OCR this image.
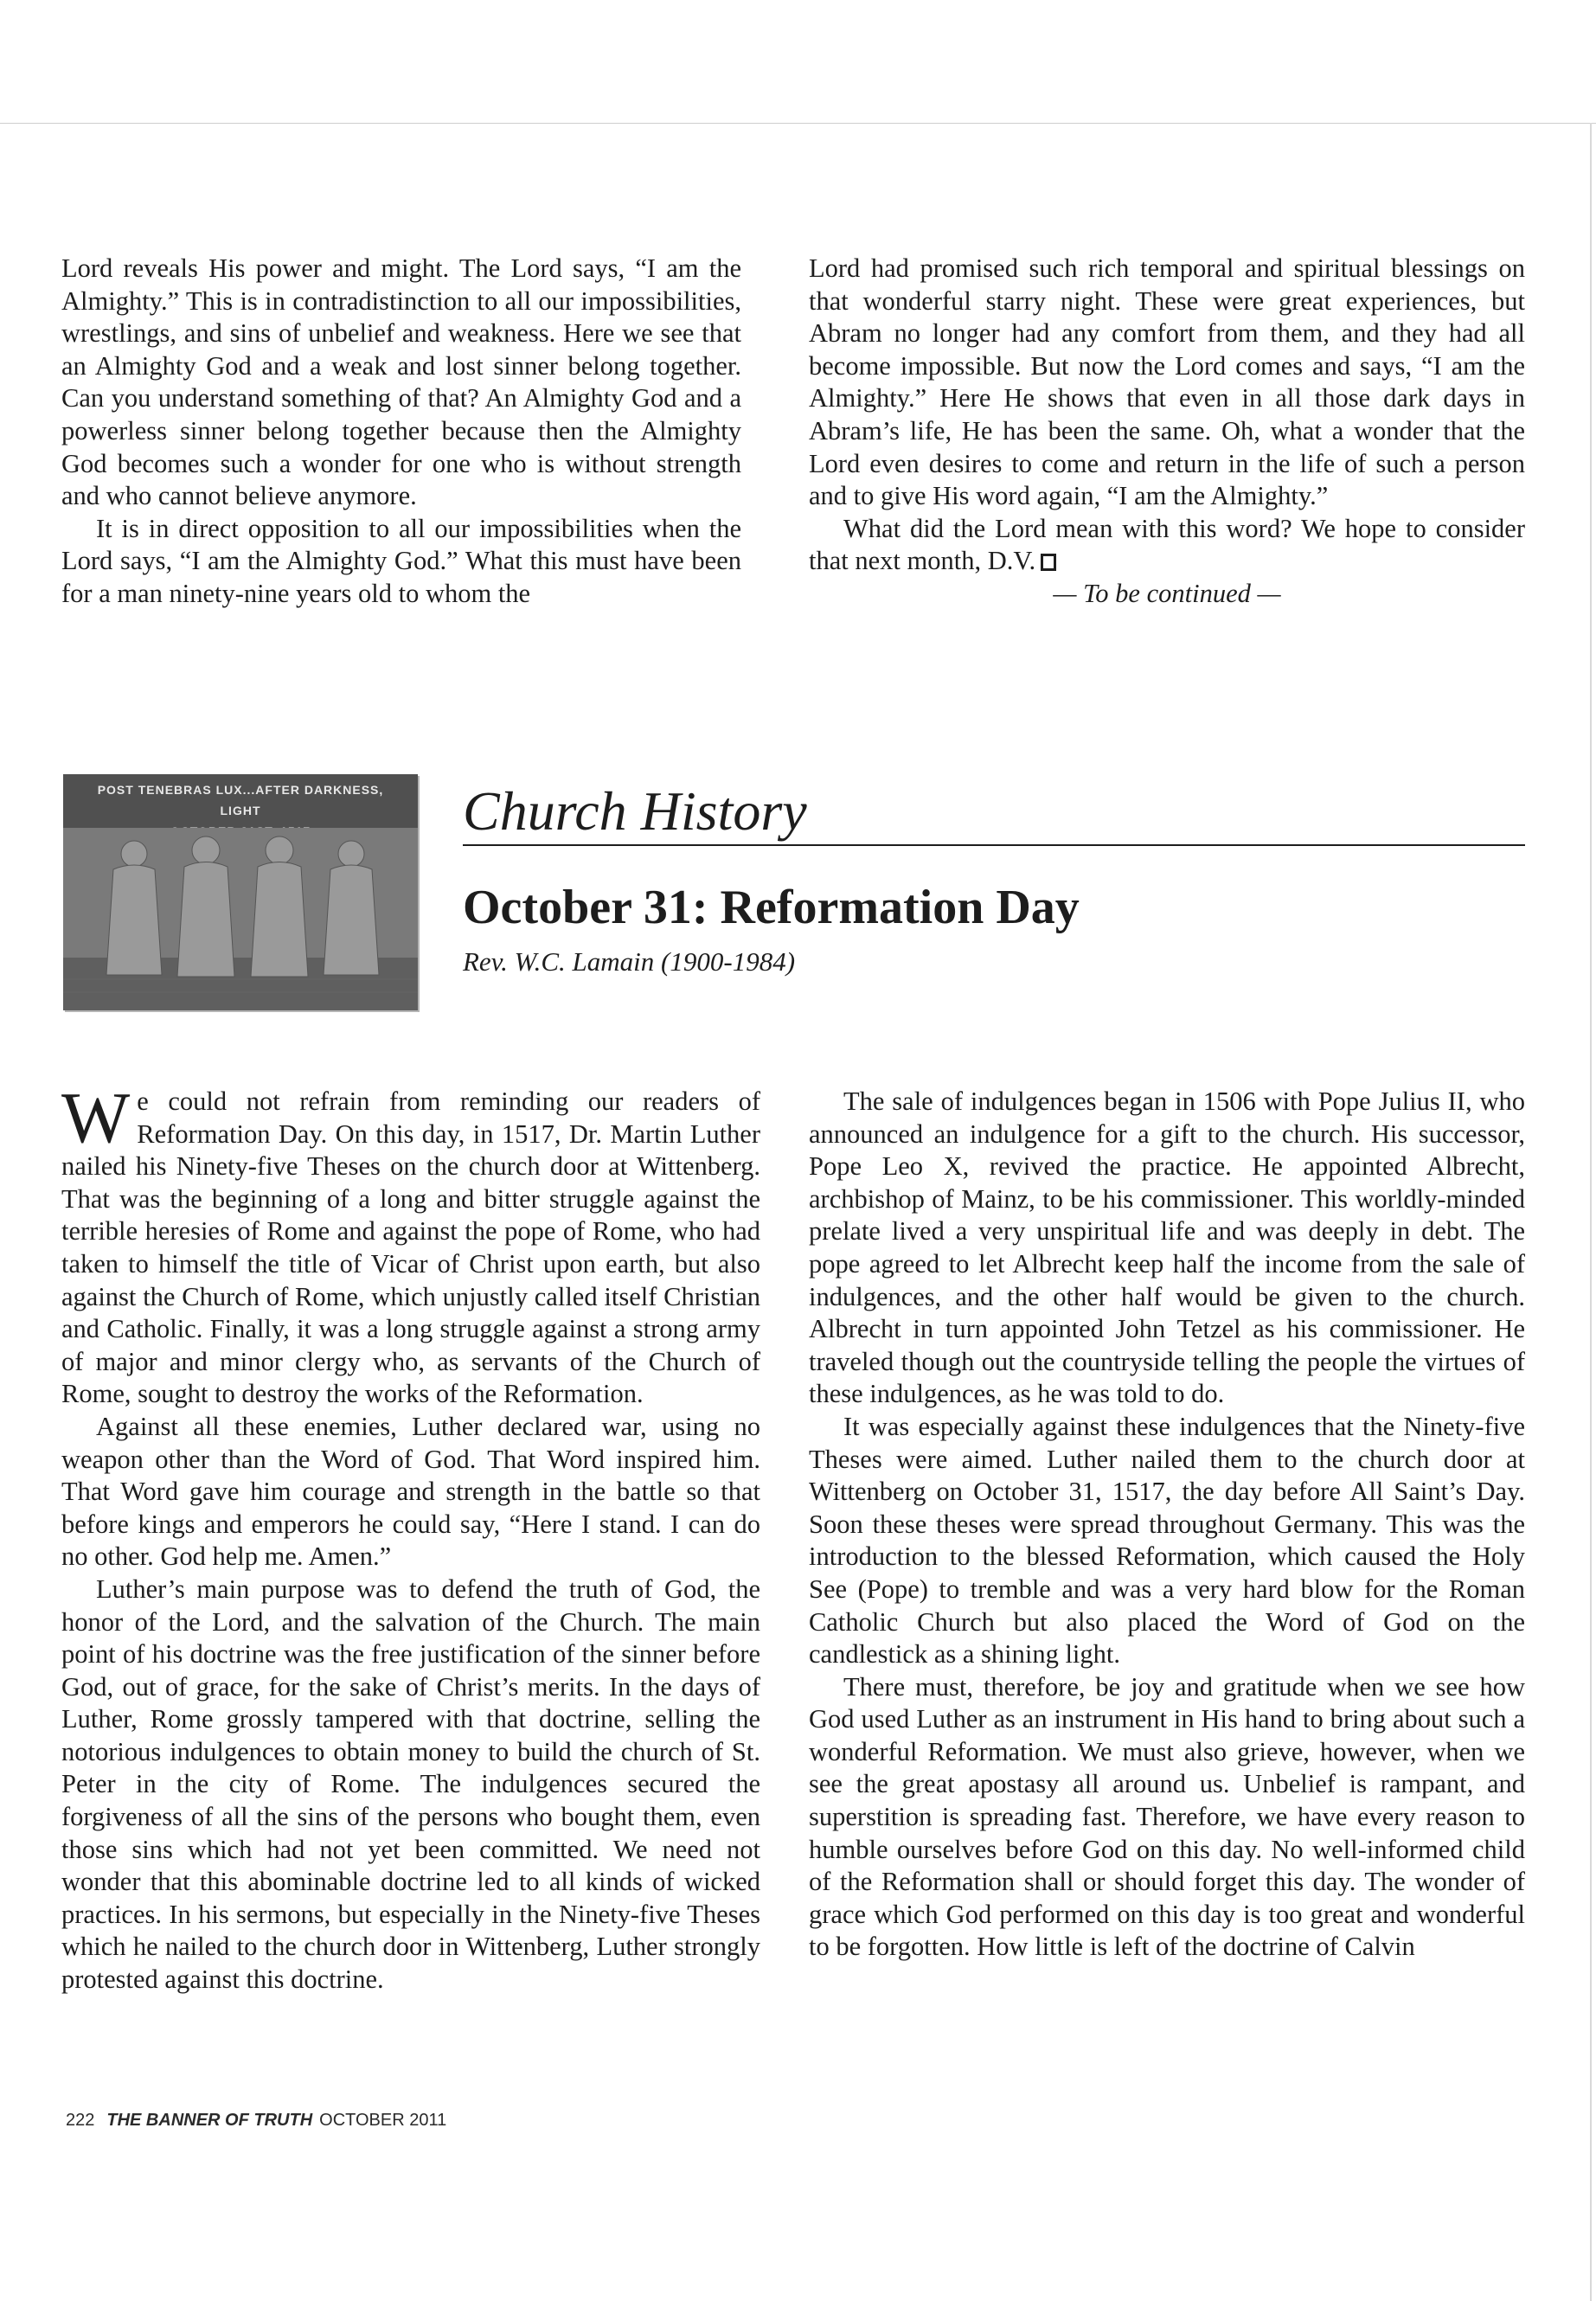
Lord reveals His power and might. The Lord says, “I am the Almighty.” This is in contradistinction to all our impossibilities, wrestlings, and sins of unbelief and weakness. Here we see that an Almighty God and a weak and lost sinner belong together. Can you understand something of that? An Almighty God and a powerless sinner belong together because then the Almighty God becomes such a wonder for one who is without strength and who cannot believe anymore.

It is in direct opposition to all our impossibilities when the Lord says, “I am the Almighty God.” What this must have been for a man ninety-nine years old to whom the

Lord had promised such rich temporal and spiritual blessings on that wonderful starry night. These were great experiences, but Abram no longer had any comfort from them, and they had all become impossible. But now the Lord comes and says, “I am the Almighty.” Here He shows that even in all those dark days in Abram’s life, He has been the same. Oh, what a wonder that the Lord even desires to come and return in the life of such a person and to give His word again, “I am the Almighty.”

What did the Lord mean with this word? We hope to consider that next month, D.V.

— To be continued —

POST TENEBRAS LUX...AFTER DARKNESS, LIGHT	Church History
October 31: Reformation Day
Rev. W.C. Lamain (1900-1984)

We could not refrain from reminding our readers of Reformation Day. On this day, in 1517, Dr. Martin Luther nailed his Ninety-five Theses on the church door at Wittenberg. That was the beginning of a long and bitter struggle against the terrible heresies of Rome and against the pope of Rome, who had taken to himself the title of Vicar of Christ upon earth, but also against the Church of Rome, which unjustly called itself Christian and Catholic. Finally, it was a long struggle against a strong army of major and minor clergy who, as servants of the Church of Rome, sought to destroy the works of the Reformation.

Against all these enemies, Luther declared war, using no weapon other than the Word of God. That Word inspired him. That Word gave him courage and strength in the battle so that before kings and emperors he could say, “Here I stand. I can do no other. God help me. Amen.”

Luther’s main purpose was to defend the truth of God, the honor of the Lord, and the salvation of the Church. The main point of his doctrine was the free justification of the sinner before God, out of grace, for the sake of Christ’s merits. In the days of Luther, Rome grossly tampered with that doctrine, selling the notorious indulgences to obtain money to build the church of St. Peter in the city of Rome. The indulgences secured the forgiveness of all the sins of the persons who bought them, even those sins which had not yet been committed. We need not wonder that this abominable doctrine led to all kinds of wicked practices. In his sermons, but especially in the Ninety-five Theses which he nailed to the church door in Wittenberg, Luther strongly protested against this doctrine.

The sale of indulgences began in 1506 with Pope Julius II, who announced an indulgence for a gift to the church. His successor, Pope Leo X, revived the practice. He appointed Albrecht, archbishop of Mainz, to be his commissioner. This worldly-minded prelate lived a very unspiritual life and was deeply in debt. The pope agreed to let Albrecht keep half the income from the sale of indulgences, and the other half would be given to the church. Albrecht in turn appointed John Tetzel as his commissioner. He traveled though out the countryside telling the people the virtues of these indulgences, as he was told to do.

It was especially against these indulgences that the Ninety-five Theses were aimed. Luther nailed them to the church door at Wittenberg on October 31, 1517, the day before All Saint’s Day. Soon these theses were spread throughout Germany. This was the introduction to the blessed Reformation, which caused the Holy See (Pope) to tremble and was a very hard blow for the Roman Catholic Church but also placed the Word of God on the candlestick as a shining light.

There must, therefore, be joy and gratitude when we see how God used Luther as an instrument in His hand to bring about such a wonderful Reformation. We must also grieve, however, when we see the great apostasy all around us. Unbelief is rampant, and superstition is spreading fast. Therefore, we have every reason to humble ourselves before God on this day. No well-informed child of the Reformation shall or should forget this day. The wonder of grace which God performed on this day is too great and wonderful to be forgotten. How little is left of the doctrine of Calvin

222 THE BANNER OF TRUTH OCTOBER 2011
